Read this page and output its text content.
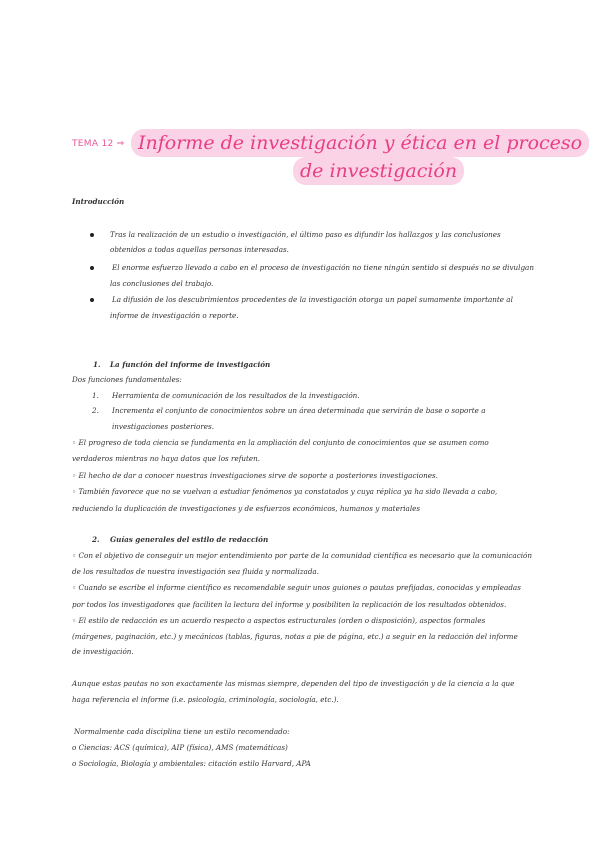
TEMA 12 ⇒ Informe de investigación y ética en el proceso
de investigación
Introducción
Tras la realización de un estudio o investigación, el último paso es difundir los hallazgos y las conclusiones
obtenidos a todas aquellas personas interesadas.
El enorme esfuerzo llevado a cabo en el proceso de investigación no tiene ningún sentido si después no se divulgan
las conclusiones del trabajo.
La difusión de los descubrimientos procedentes de la investigación otorga un papel sumamente importante al
informe de investigación o reporte.
1. La función del informe de investigación
Dos funciones fundamentales:
1. Herramienta de comunicación de los resultados de la investigación.
2. Incrementa el conjunto de conocimientos sobre un área determinada que servirán de base o soporte a
investigaciones posteriores.
◦ El progreso de toda ciencia se fundamenta en la ampliación del conjunto de conocimientos que se asumen como
verdaderos mientras no haya datos que los refuten.
◦ El hecho de dar a conocer nuestras investigaciones sirve de soporte a posteriores investigaciones.
◦ También favorece que no se vuelvan a estudiar fenómenos ya constatados y cuya réplica ya ha sido llevada a cabo,
reduciendo la duplicación de investigaciones y de esfuerzos económicos, humanos y materiales
2. Guías generales del estilo de redacción
◦ Con el objetivo de conseguir un mejor entendimiento por parte de la comunidad científica es necesario que la comunicación
de los resultados de nuestra investigación sea fluida y normalizada.
◦ Cuando se escribe el informe científico es recomendable seguir unos guiones o pautas prefijadas, conocidas y empleadas
por todos los investigadores que faciliten la lectura del informe y posibiliten la replicación de los resultados obtenidos.
◦ El estilo de redacción es un acuerdo respecto a aspectos estructurales (orden o disposición), aspectos formales
(márgenes, paginación, etc.) y mecánicos (tablas, figuras, notas a pie de página, etc.) a seguir en la redacción del informe
de investigación.
Aunque estas pautas no son exactamente las mismas siempre, dependen del tipo de investigación y de la ciencia a la que
haga referencia el informe (i.e. psicología, criminología, sociología, etc.).
Normalmente cada disciplina tiene un estilo recomendado:
o Ciencias: ACS (química), AIP (física), AMS (matemáticas)
o Sociología, Biología y ambientales: citación estilo Harvard, APA
